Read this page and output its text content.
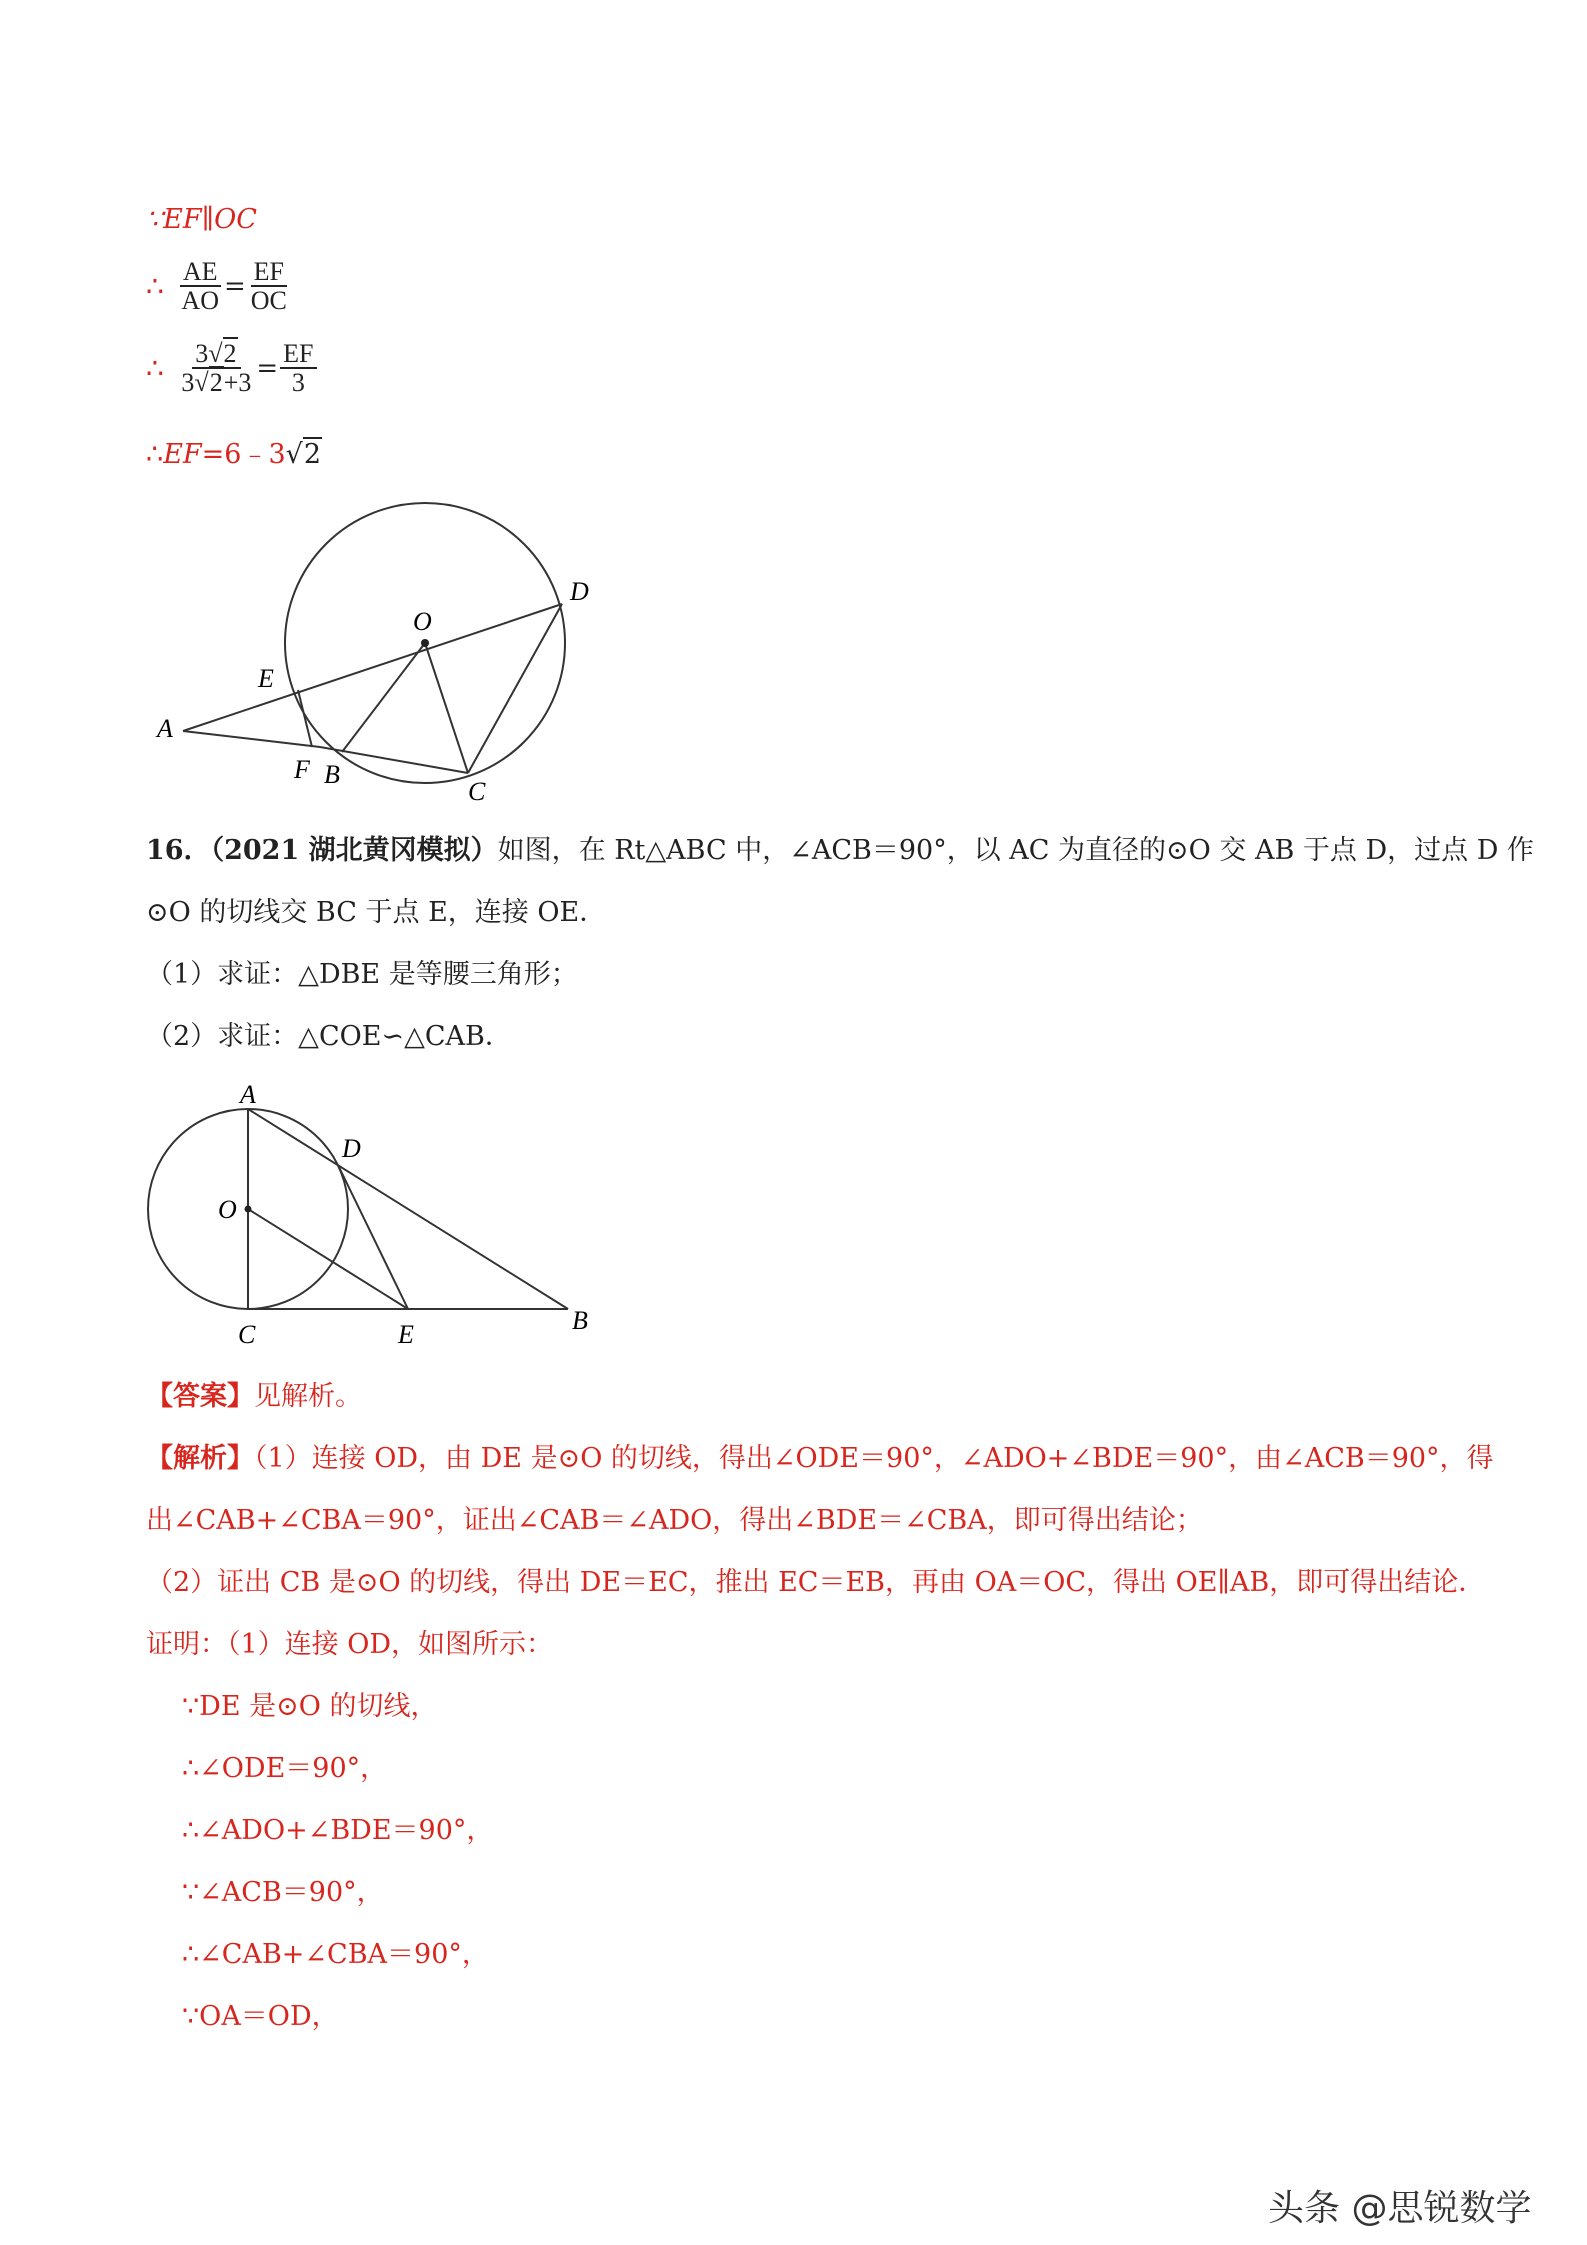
∵EF∥OC
∴ $\frac{AE}{AO} = \frac{EF}{OC}$
∴ $\frac{3√2}{3√2+3} = \frac{EF}{3}$
∴EF=6﹣3√2
O
D
E
A
F B
C
16．（2021 湖北黄冈模拟）如图，在 Rt△ABC 中，∠ACB＝90°，以 AC 为直径的⊙O 交 AB 于点 D，过点 D 作
⊙O 的切线交 BC 于点 E，连接 OE．
（1）求证：△DBE 是等腰三角形；
（2）求证：△COE∽△CAB．
A
D
O
C	E	B
【答案】见解析。
【解析】（1）连接 OD，由 DE 是⊙O 的切线，得出∠ODE＝90°，∠ADO+∠BDE＝90°，由∠ACB＝90°，得
出∠CAB+∠CBA＝90°，证出∠CAB＝∠ADO，得出∠BDE＝∠CBA，即可得出结论；
（2）证出 CB 是⊙O 的切线，得出 DE＝EC，推出 EC＝EB，再由 OA＝OC，得出 OE∥AB，即可得出结论．
证明：（1）连接 OD，如图所示：
∵DE 是⊙O 的切线，
∴∠ODE＝90°，
∴∠ADO+∠BDE＝90°，
∵∠ACB＝90°，
∴∠CAB+∠CBA＝90°，
∵OA＝OD，
头条 @思锐数学
